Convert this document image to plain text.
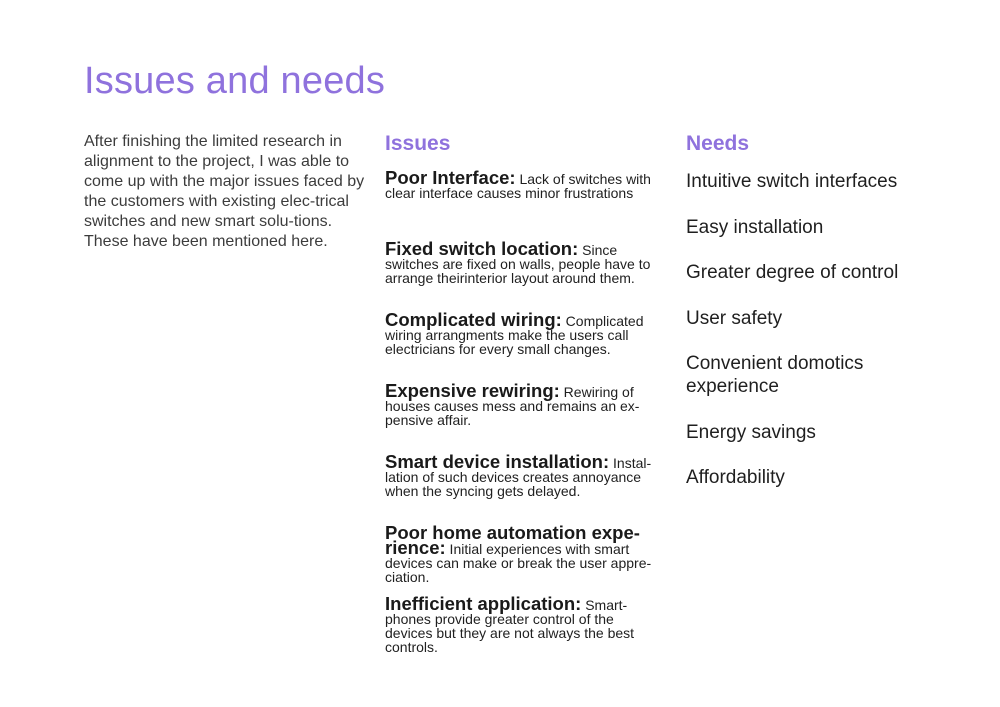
Issues and needs

After finishing the limited research in alignment to the project, I was able to come up with the major issues faced by the customers with existing elec-trical switches and new smart solu-tions. These have been mentioned here.

Issues
Poor Interface: Lack of switches with clear interface causes minor frustrations
Fixed switch location: Since switches are fixed on walls, people have to arrange theirinterior layout around them.
Complicated wiring: Complicated wiring arrangments make the users call electricians for every small changes.
Expensive rewiring: Rewiring of houses causes mess and remains an ex-pensive affair.
Smart device installation: Instal-lation of such devices creates annoyance when the syncing gets delayed.
Poor home automation expe-rience: Initial experiences with smart devices can make or break the user appre-ciation.
Inefficient application: Smart-phones provide greater control of the devices but they are not always the best controls.
Needs
Intuitive switch interfaces
Easy installation
Greater degree of control
User safety
Convenient domotics experience
Energy savings
Affordability
